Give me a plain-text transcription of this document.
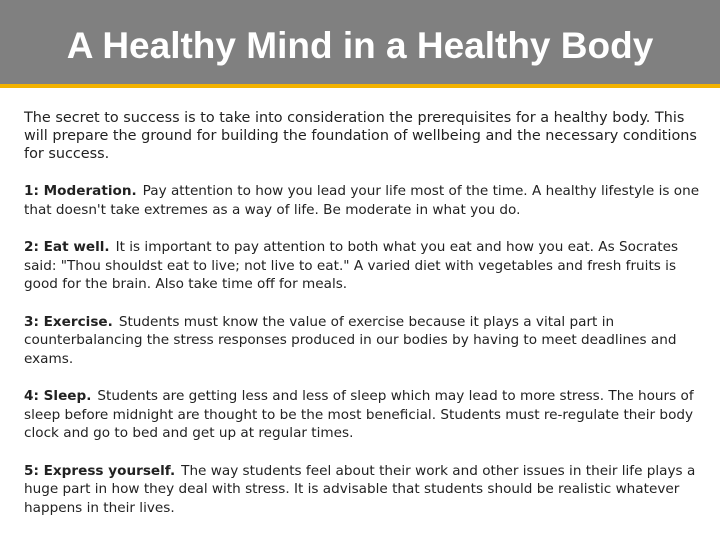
A Healthy Mind in a Healthy Body

The secret to success is to take into consideration the prerequisites for a healthy body. This will prepare the ground for building the foundation of wellbeing and the necessary conditions for success.

1: Moderation. Pay attention to how you lead your life most of the time. A healthy lifestyle is one that doesn't take extremes as a way of life. Be moderate in what you do.

2: Eat well. It is important to pay attention to both what you eat and how you eat. As Socrates said: "Thou shouldst eat to live; not live to eat." A varied diet with vegetables and fresh fruits is good for the brain. Also take time off for meals.

3: Exercise. Students must know the value of exercise because it plays a vital part in counterbalancing the stress responses produced in our bodies by having to meet deadlines and exams.

4: Sleep. Students are getting less and less of sleep which may lead to more stress. The hours of sleep before midnight are thought to be the most beneficial. Students must re-regulate their body clock and go to bed and get up at regular times.

5: Express yourself. The way students feel about their work and other issues in their life plays a huge part in how they deal with stress. It is advisable that students should be realistic whatever happens in their lives.
